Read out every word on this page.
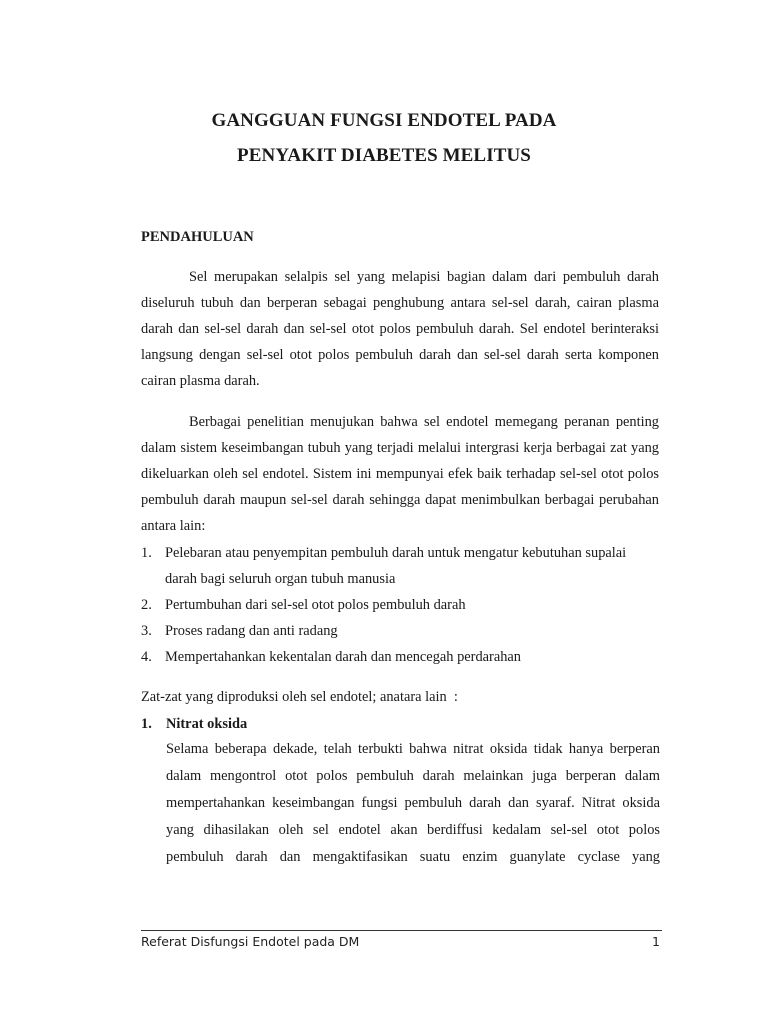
GANGGUAN FUNGSI ENDOTEL PADA
PENYAKIT DIABETES MELITUS
PENDAHULUAN

Sel merupakan selalpis sel yang melapisi bagian dalam dari pembuluh darah diseluruh tubuh dan berperan sebagai penghubung antara sel-sel darah, cairan plasma darah dan sel-sel darah dan sel-sel otot polos pembuluh darah. Sel endotel berinteraksi langsung dengan sel-sel otot polos pembuluh darah dan sel-sel darah serta komponen cairan plasma darah.

Berbagai penelitian menujukan bahwa sel endotel memegang peranan penting dalam sistem keseimbangan tubuh yang terjadi melalui intergrasi kerja berbagai zat yang dikeluarkan oleh sel endotel. Sistem ini mempunyai efek baik terhadap sel-sel otot polos pembuluh darah maupun sel-sel darah sehingga dapat menimbulkan berbagai perubahan antara lain:

1. Pelebaran atau penyempitan pembuluh darah untuk mengatur kebutuhan supalai darah bagi seluruh organ tubuh manusia
2. Pertumbuhan dari sel-sel otot polos pembuluh darah
3. Proses radang dan anti radang
4. Mempertahankan kekentalan darah dan mencegah perdarahan
Zat-zat yang diproduksi oleh sel endotel; anatara lain  :
1. Nitrat oksida

Selama beberapa dekade, telah terbukti bahwa nitrat oksida tidak hanya berperan dalam mengontrol otot polos pembuluh darah melainkan juga berperan dalam mempertahankan keseimbangan fungsi pembuluh darah dan syaraf. Nitrat oksida yang dihasilakan oleh sel endotel akan berdiffusi kedalam sel-sel otot polos pembuluh darah dan mengaktifasikan suatu enzim guanylate cyclase yang

Referat Disfungsi Endotel pada DM	1
